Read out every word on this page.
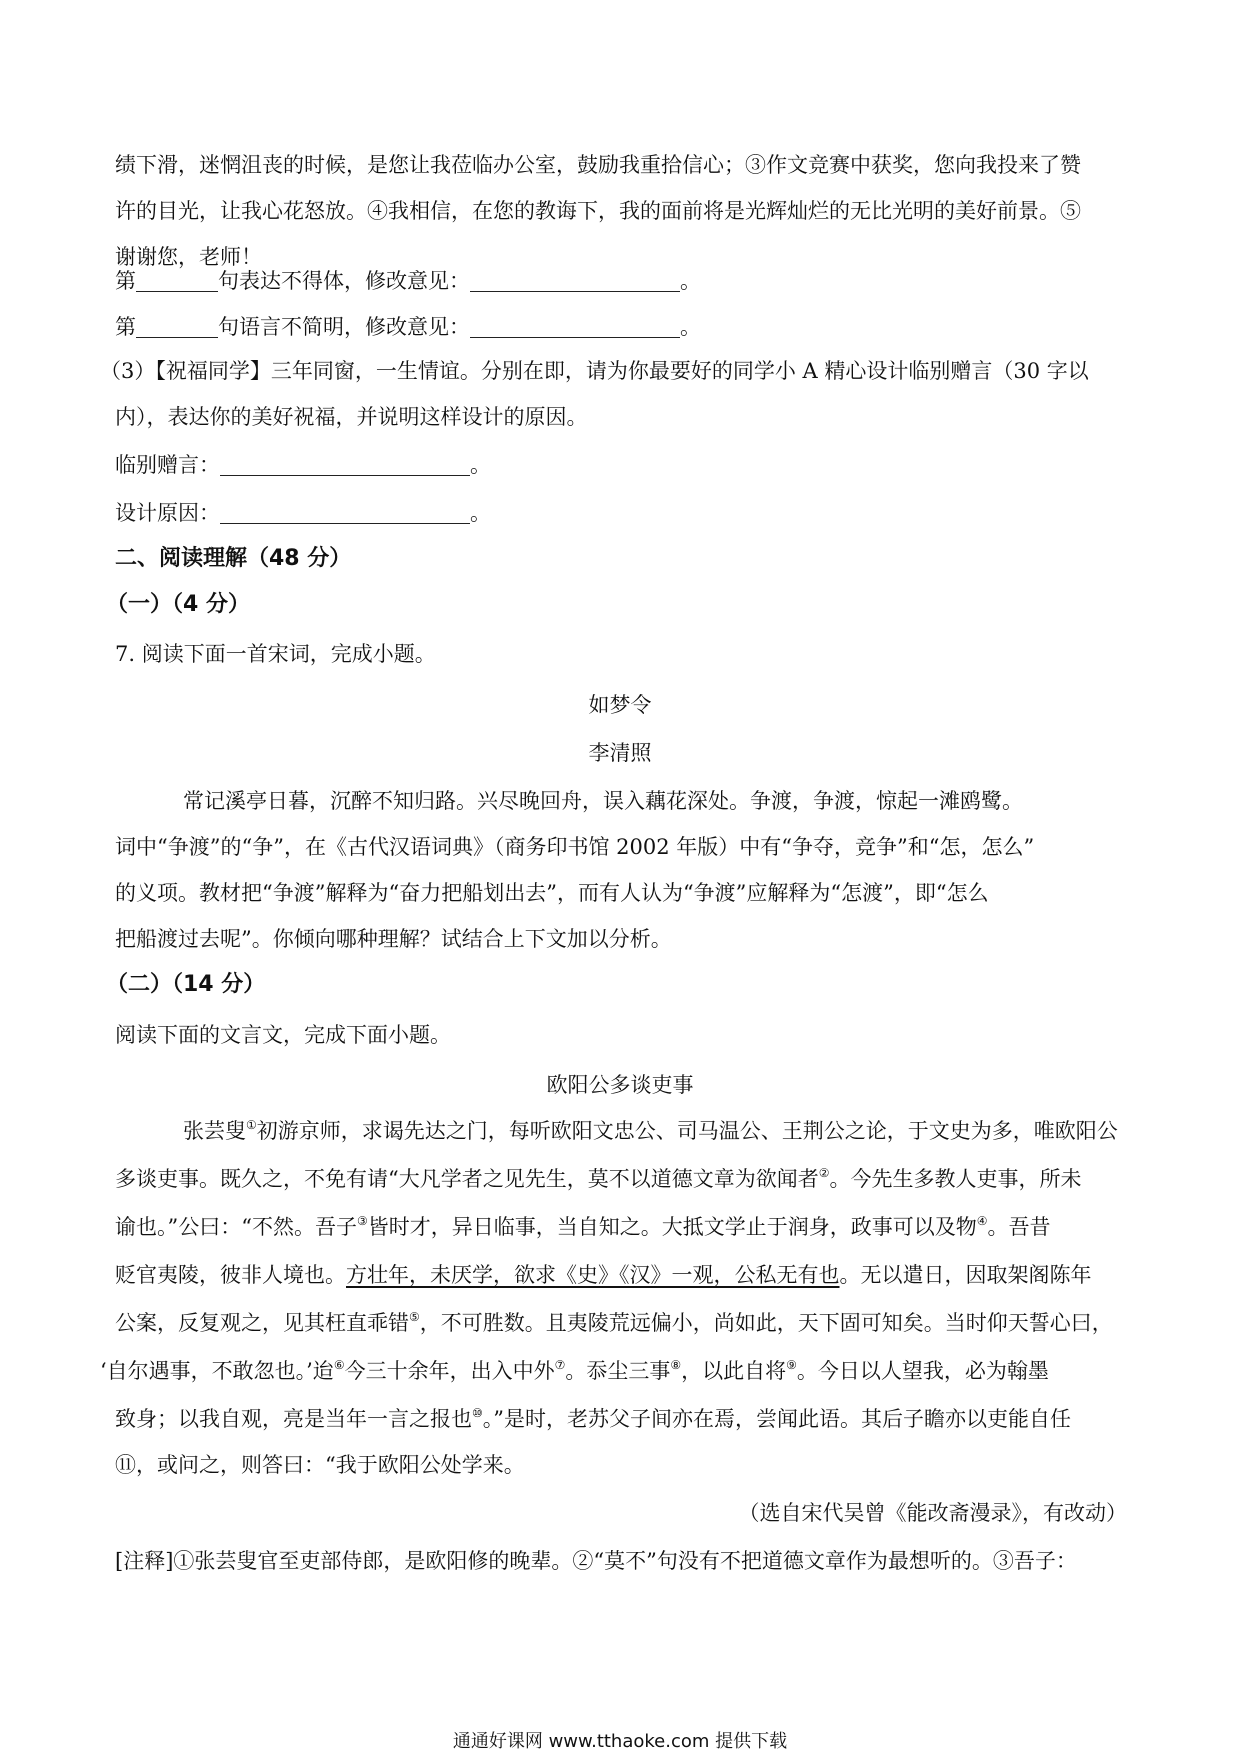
绩下滑，迷惘沮丧的时候，是您让我莅临办公室，鼓励我重拾信心；③作文竞赛中获奖，您向我投来了赞
许的目光，让我心花怒放。④我相信，在您的教诲下，我的面前将是光辉灿烂的无比光明的美好前景。⑤
谢谢您，老师！
第	句表达不得体，修改意见：	。
第	句语言不简明，修改意见：	。
（3）【祝福同学】三年同窗，一生情谊。分别在即，请为你最要好的同学小 A 精心设计临别赠言（30 字以
内），表达你的美好祝福，并说明这样设计的原因。
临别赠言：	。
设计原因：	。
二、阅读理解（48 分）
（一）（4 分）
7. 阅读下面一首宋词，完成小题。
如梦令
李清照
常记溪亭日暮，沉醉不知归路。兴尽晚回舟，误入藕花深处。争渡，争渡，惊起一滩鸥鹭。
词中“争渡”的“争”，在《古代汉语词典》（商务印书馆 2002 年版）中有“争夺，竞争”和“怎，怎么”
的义项。教材把“争渡”解释为“奋力把船划出去”，而有人认为“争渡”应解释为“怎渡”，即“怎么
把船渡过去呢”。你倾向哪种理解？试结合上下文加以分析。
（二）（14 分）
阅读下面的文言文，完成下面小题。
欧阳公多谈吏事
张芸叟①初游京师，求谒先达之门，每听欧阳文忠公、司马温公、王荆公之论，于文史为多，唯欧阳公
多谈吏事。既久之，不免有请“大凡学者之见先生，莫不以道德文章为欲闻者②。今先生多教人吏事，所未
谕也。”公曰：“不然。吾子③皆时才，异日临事，当自知之。大抵文学止于润身，政事可以及物④。吾昔
贬官夷陵，彼非人境也。方壮年，未厌学，欲求《史》《汉》一观，公私无有也。无以遣日，因取架阁陈年
公案，反复观之，见其枉直乖错⑤，不可胜数。且夷陵荒远偏小，尚如此，天下固可知矣。当时仰天誓心曰，
‘自尔遇事，不敢忽也。’迨⑥今三十余年，出入中外⑦。忝尘三事⑧，以此自将⑨。今日以人望我，必为翰墨
致身；以我自观，亮是当年一言之报也⑩。”是时，老苏父子间亦在焉，尝闻此语。其后子瞻亦以吏能自任
⑪，或问之，则答曰：“我于欧阳公处学来。
（选自宋代吴曾《能改斋漫录》，有改动）
[注释]①张芸叟官至吏部侍郎，是欧阳修的晚辈。②“莫不”句没有不把道德文章作为最想听的。③吾子：
通通好课网 www.tthaoke.com 提供下载
